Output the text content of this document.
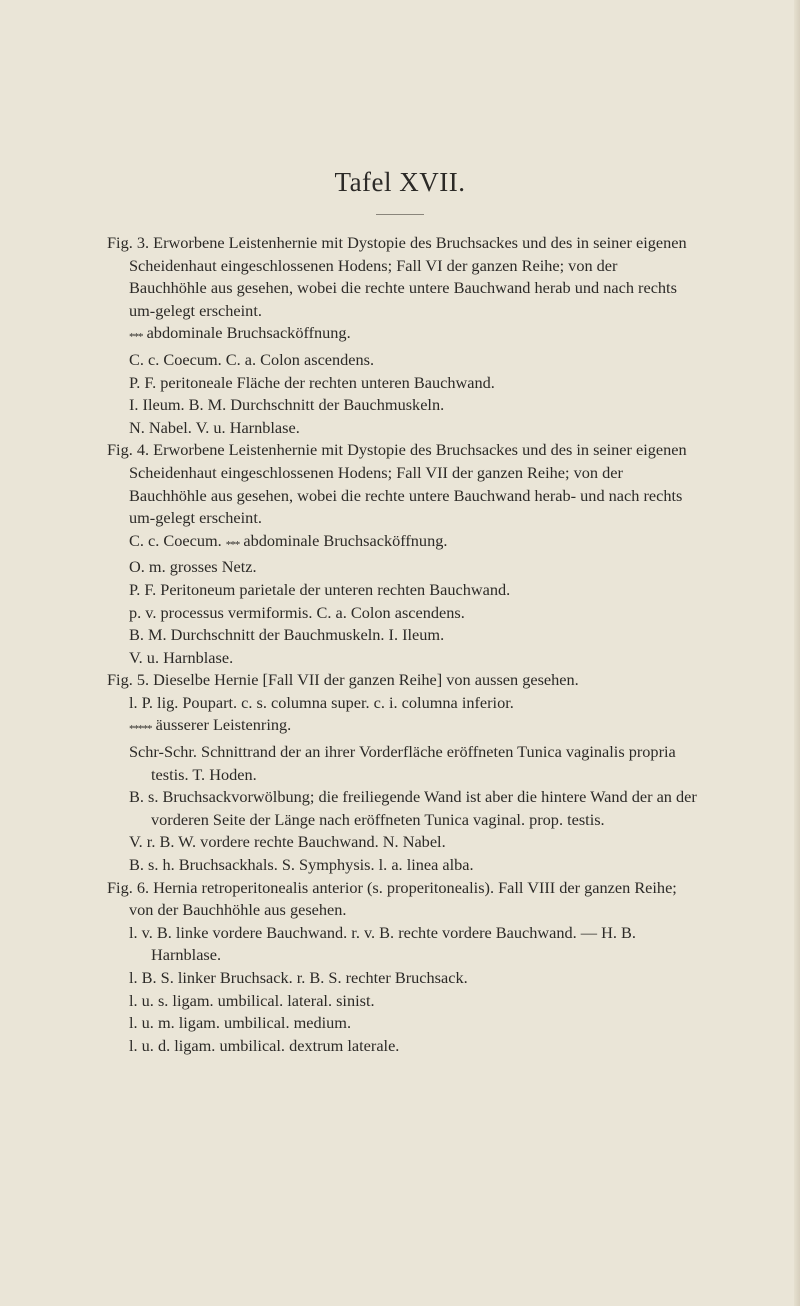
Tafel XVII.
Fig. 3. Erworbene Leistenhernie mit Dystopie des Bruchsackes und des in seiner eigenen Scheidenhaut eingeschlossenen Hodens; Fall VI der ganzen Reihe; von der Bauchhöhle aus gesehen, wobei die rechte untere Bauchwand herab und nach rechts um-gelegt erscheint.
*** abdominale Bruchsacköffnung.
C. c. Coecum. C. a. Colon ascendens.
P. F. peritoneale Fläche der rechten unteren Bauchwand.
I. Ileum. B. M. Durchschnitt der Bauchmuskeln.
N. Nabel. V. u. Harnblase.
Fig. 4. Erworbene Leistenhernie mit Dystopie des Bruchsackes und des in seiner eigenen Scheidenhaut eingeschlossenen Hodens; Fall VII der ganzen Reihe; von der Bauchhöhle aus gesehen, wobei die rechte untere Bauchwand herab- und nach rechts um-gelegt erscheint.
C. c. Coecum. *** abdominale Bruchsacköffnung.
O. m. grosses Netz.
P. F. Peritoneum parietale der unteren rechten Bauchwand.
p. v. processus vermiformis. C. a. Colon ascendens.
B. M. Durchschnitt der Bauchmuskeln. I. Ileum.
V. u. Harnblase.
Fig. 5. Dieselbe Hernie [Fall VII der ganzen Reihe] von aussen gesehen.
l. P. lig. Poupart. c. s. columna super. c. i. columna inferior.
***** äusserer Leistenring.
Schr-Schr. Schnittrand der an ihrer Vorderfläche eröffneten Tunica vaginalis propria testis. T. Hoden.
B. s. Bruchsackvorwölbung; die freiliegende Wand ist aber die hintere Wand der an der vorderen Seite der Länge nach eröffneten Tunica vaginal. prop. testis.
V. r. B. W. vordere rechte Bauchwand. N. Nabel.
B. s. h. Bruchsackhals. S. Symphysis. l. a. linea alba.
Fig. 6. Hernia retroperitonealis anterior (s. properitonealis). Fall VIII der ganzen Reihe; von der Bauchhöhle aus gesehen.
l. v. B. linke vordere Bauchwand. r. v. B. rechte vordere Bauchwand. — H. B. Harnblase.
l. B. S. linker Bruchsack. r. B. S. rechter Bruchsack.
l. u. s. ligam. umbilical. lateral. sinist.
l. u. m. ligam. umbilical. medium.
l. u. d. ligam. umbilical. dextrum laterale.
